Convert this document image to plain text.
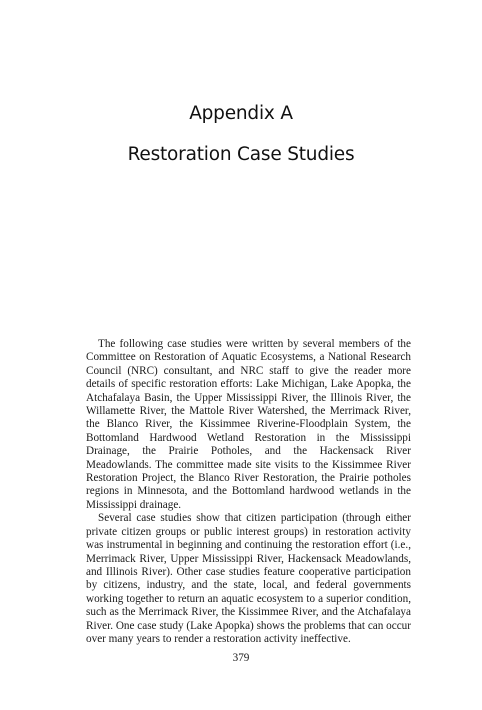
Appendix A
Restoration Case Studies

The following case studies were written by several members of the Committee on Restoration of Aquatic Ecosystems, a National Research Council (NRC) consultant, and NRC staff to give the reader more details of specific restoration efforts: Lake Michigan, Lake Apopka, the Atchafalaya Basin, the Upper Mississippi River, the Illinois River, the Willamette River, the Mattole River Watershed, the Merrimack River, the Blanco River, the Kissimmee Riverine-Floodplain System, the Bottomland Hardwood Wetland Restoration in the Mississippi Drainage, the Prairie Potholes, and the Hackensack River Meadowlands. The committee made site visits to the Kissimmee River Restoration Project, the Blanco River Restoration, the Prairie potholes regions in Minnesota, and the Bottomland hardwood wetlands in the Mississippi drainage.

Several case studies show that citizen participation (through either private citizen groups or public interest groups) in restoration activity was instrumental in beginning and continuing the restoration effort (i.e., Merrimack River, Upper Mississippi River, Hackensack Meadowlands, and Illinois River). Other case studies feature cooperative participation by citizens, industry, and the state, local, and federal governments working together to return an aquatic ecosystem to a superior condition, such as the Merrimack River, the Kissimmee River, and the Atchafalaya River. One case study (Lake Apopka) shows the problems that can occur over many years to render a restoration activity ineffective.

379
